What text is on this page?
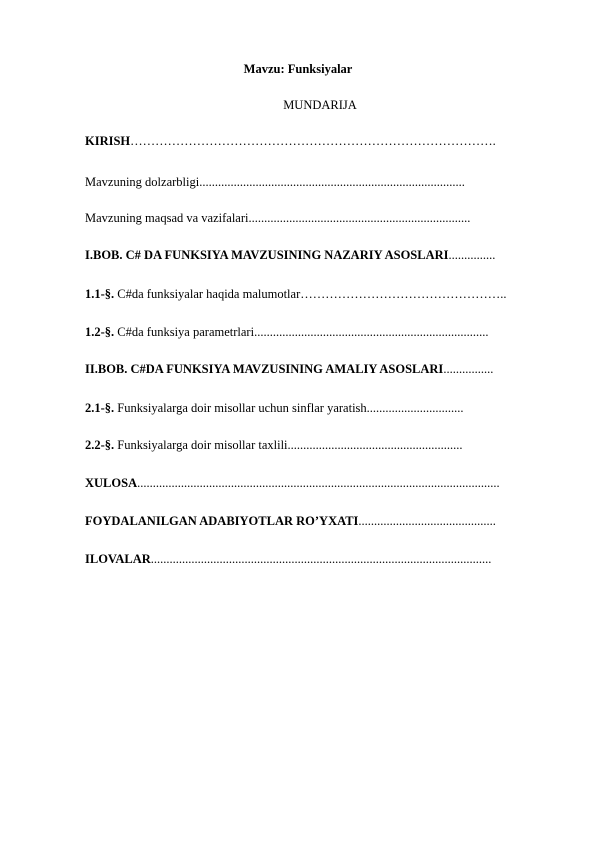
Mavzu: Funksiyalar
MUNDARIJA
KIRISH…………………………………………………………………………….
Mavzuning dolzarbligi.....................................................................................
Mavzuning maqsad va vazifalari.......................................................................
I.BOB. C# DA FUNKSIYA MAVZUSINING NAZARIY ASOSLARI...............
1.1-§. C#da funksiyalar haqida malumotlar…………………………………………..
1.2-§. C#da funksiya parametrlari...........................................................................
II.BOB. C#DA FUNKSIYA MAVZUSINING AMALIY ASOSLARI................
2.1-§. Funksiyalarga doir misollar uchun sinflar yaratish...............................
2.2-§. Funksiyalarga doir misollar taxlili........................................................
XULOSA....................................................................................................................
FOYDALANILGAN ADABIYOTLAR RO’YXATI............................................
ILOVALAR.............................................................................................................
